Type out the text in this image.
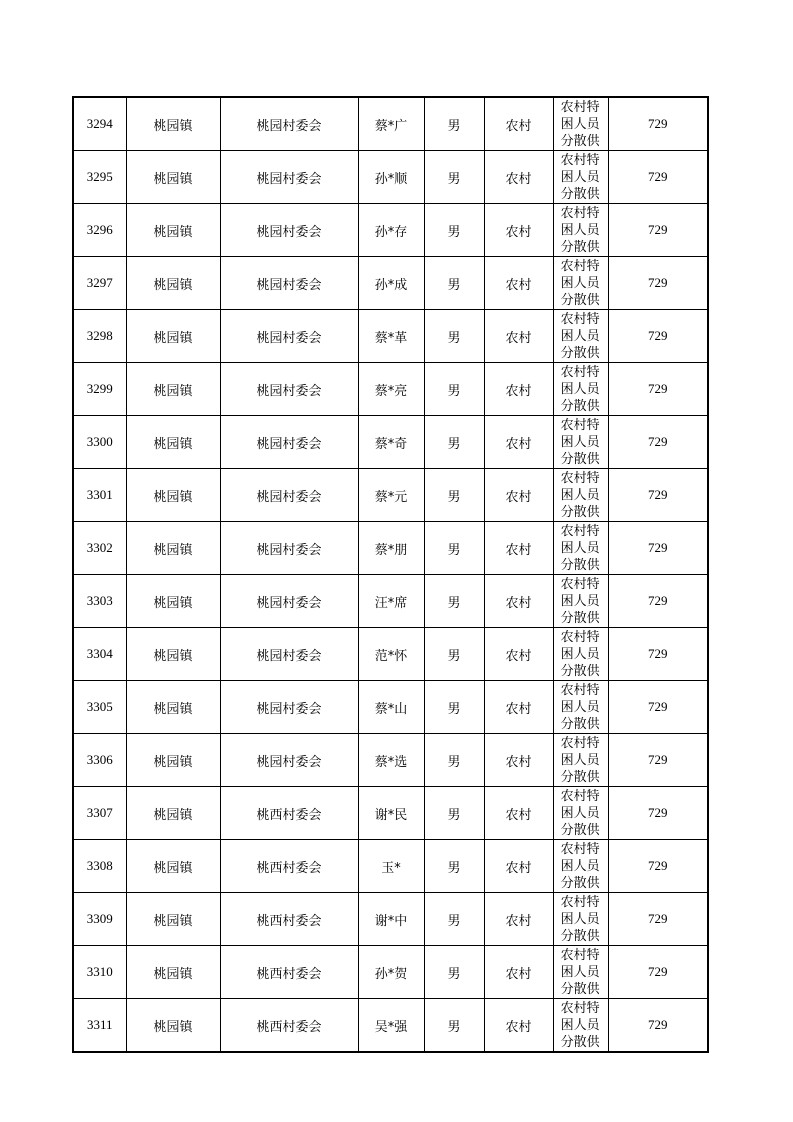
3294	桃园镇	桃园村委会	蔡*广	男	农村	农村特困人员分散供	729
3295	桃园镇	桃园村委会	孙*顺	男	农村	农村特困人员分散供	729
3296	桃园镇	桃园村委会	孙*存	男	农村	农村特困人员分散供	729
3297	桃园镇	桃园村委会	孙*成	男	农村	农村特困人员分散供	729
3298	桃园镇	桃园村委会	蔡*革	男	农村	农村特困人员分散供	729
3299	桃园镇	桃园村委会	蔡*亮	男	农村	农村特困人员分散供	729
3300	桃园镇	桃园村委会	蔡*奇	男	农村	农村特困人员分散供	729
3301	桃园镇	桃园村委会	蔡*元	男	农村	农村特困人员分散供	729
3302	桃园镇	桃园村委会	蔡*朋	男	农村	农村特困人员分散供	729
3303	桃园镇	桃园村委会	汪*席	男	农村	农村特困人员分散供	729
3304	桃园镇	桃园村委会	范*怀	男	农村	农村特困人员分散供	729
3305	桃园镇	桃园村委会	蔡*山	男	农村	农村特困人员分散供	729
3306	桃园镇	桃园村委会	蔡*选	男	农村	农村特困人员分散供	729
3307	桃园镇	桃西村委会	谢*民	男	农村	农村特困人员分散供	729
3308	桃园镇	桃西村委会	玉*	男	农村	农村特困人员分散供	729
3309	桃园镇	桃西村委会	谢*中	男	农村	农村特困人员分散供	729
3310	桃园镇	桃西村委会	孙*贺	男	农村	农村特困人员分散供	729
3311	桃园镇	桃西村委会	吴*强	男	农村	农村特困人员分散供	729
